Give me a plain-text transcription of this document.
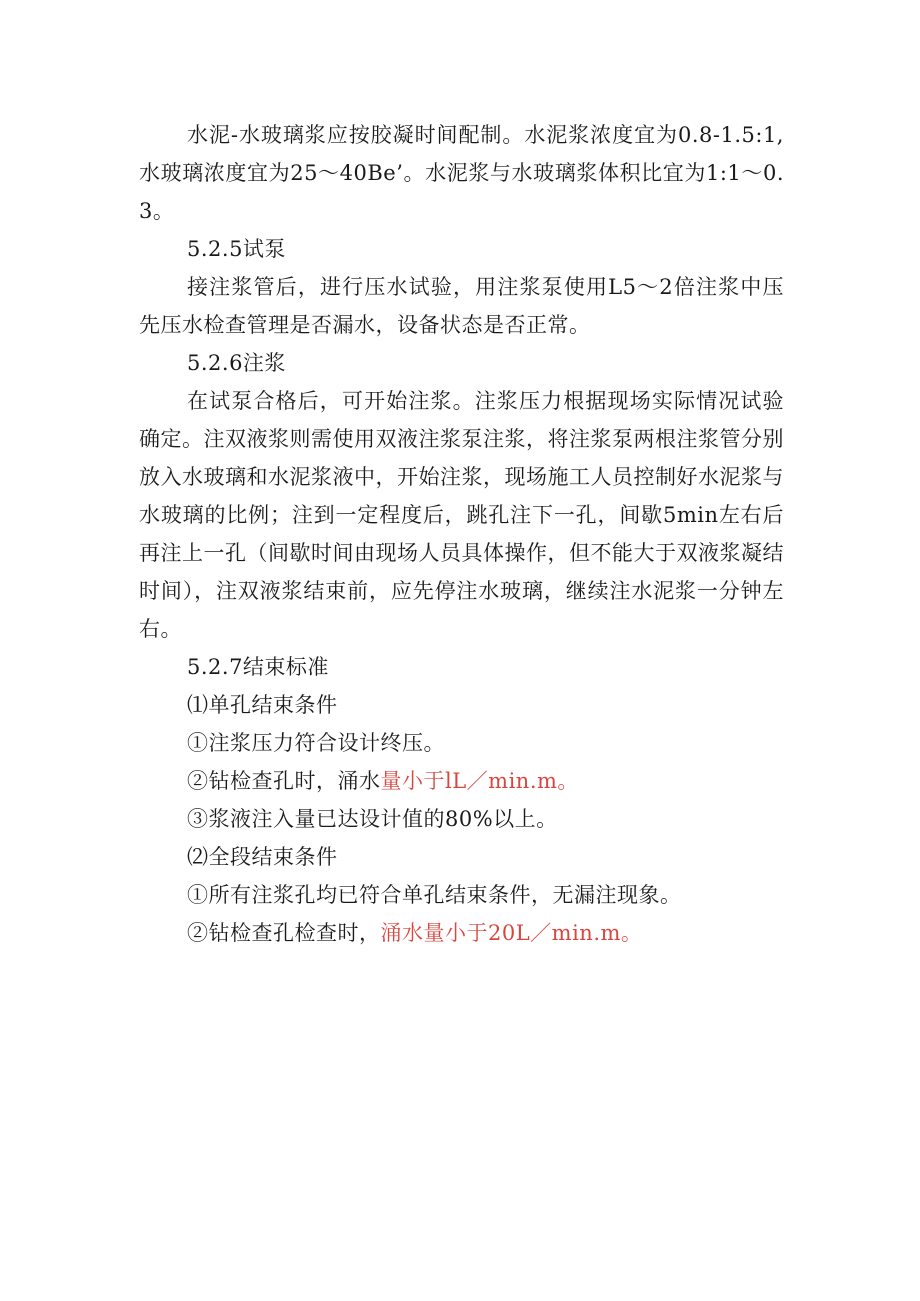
水泥-水玻璃浆应按胶凝时间配制。水泥浆浓度宜为0.8-1.5:1,水玻璃浓度宜为25～40Be’。水泥浆与水玻璃浆体积比宜为1:1～0.3。

5.2.5试泵

接注浆管后，进行压水试验，用注浆泵使用L5～2倍注浆中压先压水检查管理是否漏水，设备状态是否正常。

5.2.6注浆

在试泵合格后，可开始注浆。注浆压力根据现场实际情况试验确定。注双液浆则需使用双液注浆泵注浆，将注浆泵两根注浆管分别放入水玻璃和水泥浆液中，开始注浆，现场施工人员控制好水泥浆与水玻璃的比例；注到一定程度后，跳孔注下一孔，间歇5min左右后再注上一孔（间歇时间由现场人员具体操作，但不能大于双液浆凝结时间），注双液浆结束前，应先停注水玻璃，继续注水泥浆一分钟左右。

5.2.7结束标准

⑴单孔结束条件

①注浆压力符合设计终压。

②钻检查孔时，涌水量小于lL／min.m。

③浆液注入量已达设计值的80%以上。

⑵全段结束条件

①所有注浆孔均已符合单孔结束条件，无漏注现象。

②钻检查孔检查时，涌水量小于20L／min.m。
